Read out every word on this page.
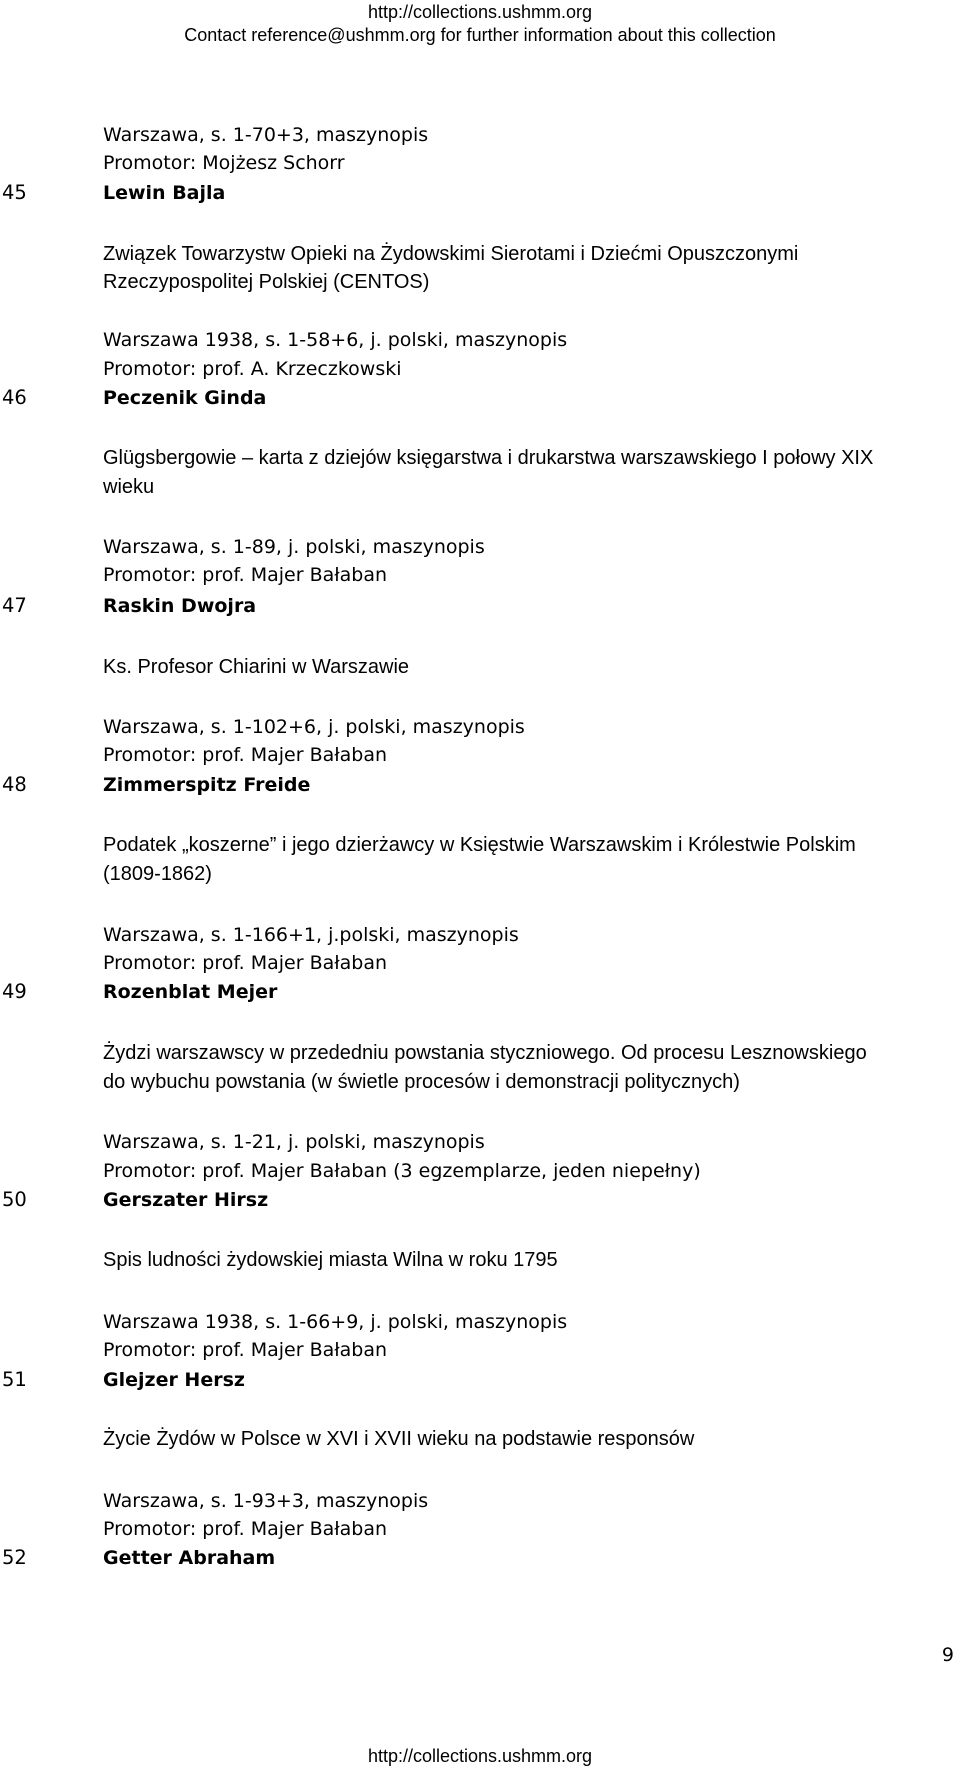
http://collections.ushmm.org
Contact reference@ushmm.org for further information about this collection
Warszawa, s. 1-70+3, maszynopis
Promotor: Mojżesz Schorr
45	Lewin Bajla
Związek Towarzystw Opieki na Żydowskimi Sierotami i Dziećmi Opuszczonymi
Rzeczypospolitej Polskiej (CENTOS)
Warszawa 1938, s. 1-58+6, j. polski, maszynopis
Promotor: prof. A. Krzeczkowski
46	Peczenik Ginda
Glügsbergowie – karta z dziejów księgarstwa i drukarstwa warszawskiego I połowy XIX
wieku
Warszawa, s. 1-89, j. polski, maszynopis
Promotor: prof. Majer Bałaban
47	Raskin Dwojra
Ks. Profesor Chiarini w Warszawie
Warszawa, s. 1-102+6, j. polski, maszynopis
Promotor: prof. Majer Bałaban
48	Zimmerspitz Freide
Podatek „koszerne” i jego dzierżawcy w Księstwie Warszawskim i Królestwie Polskim
(1809-1862)
Warszawa, s. 1-166+1, j.polski, maszynopis
Promotor: prof. Majer Bałaban
49	Rozenblat Mejer
Żydzi warszawscy w przededniu powstania styczniowego. Od procesu Lesznowskiego
do wybuchu powstania (w świetle procesów i demonstracji politycznych)
Warszawa, s. 1-21, j. polski, maszynopis
Promotor: prof. Majer Bałaban (3 egzemplarze, jeden niepełny)
50	Gerszater Hirsz
Spis ludności żydowskiej miasta Wilna w roku 1795
Warszawa 1938, s. 1-66+9, j. polski, maszynopis
Promotor: prof. Majer Bałaban
51	Glejzer Hersz
Życie Żydów w Polsce w XVI i XVII wieku na podstawie responsów
Warszawa, s. 1-93+3, maszynopis
Promotor: prof. Majer Bałaban
52	Getter Abraham
9
http://collections.ushmm.org
